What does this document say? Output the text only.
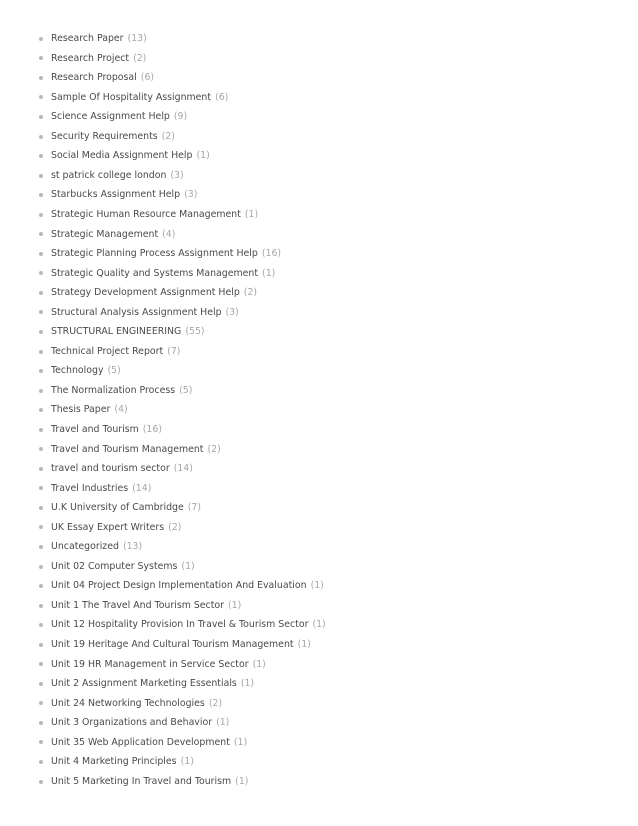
Research Paper (13)
Research Project (2)
Research Proposal (6)
Sample Of Hospitality Assignment (6)
Science Assignment Help (9)
Security Requirements (2)
Social Media Assignment Help (1)
st patrick college london (3)
Starbucks Assignment Help (3)
Strategic Human Resource Management (1)
Strategic Management (4)
Strategic Planning Process Assignment Help (16)
Strategic Quality and Systems Management (1)
Strategy Development Assignment Help (2)
Structural Analysis Assignment Help (3)
STRUCTURAL ENGINEERING (55)
Technical Project Report (7)
Technology (5)
The Normalization Process (5)
Thesis Paper (4)
Travel and Tourism (16)
Travel and Tourism Management (2)
travel and tourism sector (14)
Travel Industries (14)
U.K University of Cambridge (7)
UK Essay Expert Writers (2)
Uncategorized (13)
Unit 02 Computer Systems (1)
Unit 04 Project Design Implementation And Evaluation (1)
Unit 1 The Travel And Tourism Sector (1)
Unit 12 Hospitality Provision In Travel & Tourism Sector (1)
Unit 19 Heritage And Cultural Tourism Management (1)
Unit 19 HR Management in Service Sector (1)
Unit 2 Assignment Marketing Essentials (1)
Unit 24 Networking Technologies (2)
Unit 3 Organizations and Behavior (1)
Unit 35 Web Application Development (1)
Unit 4 Marketing Principles (1)
Unit 5 Marketing In Travel and Tourism (1)
